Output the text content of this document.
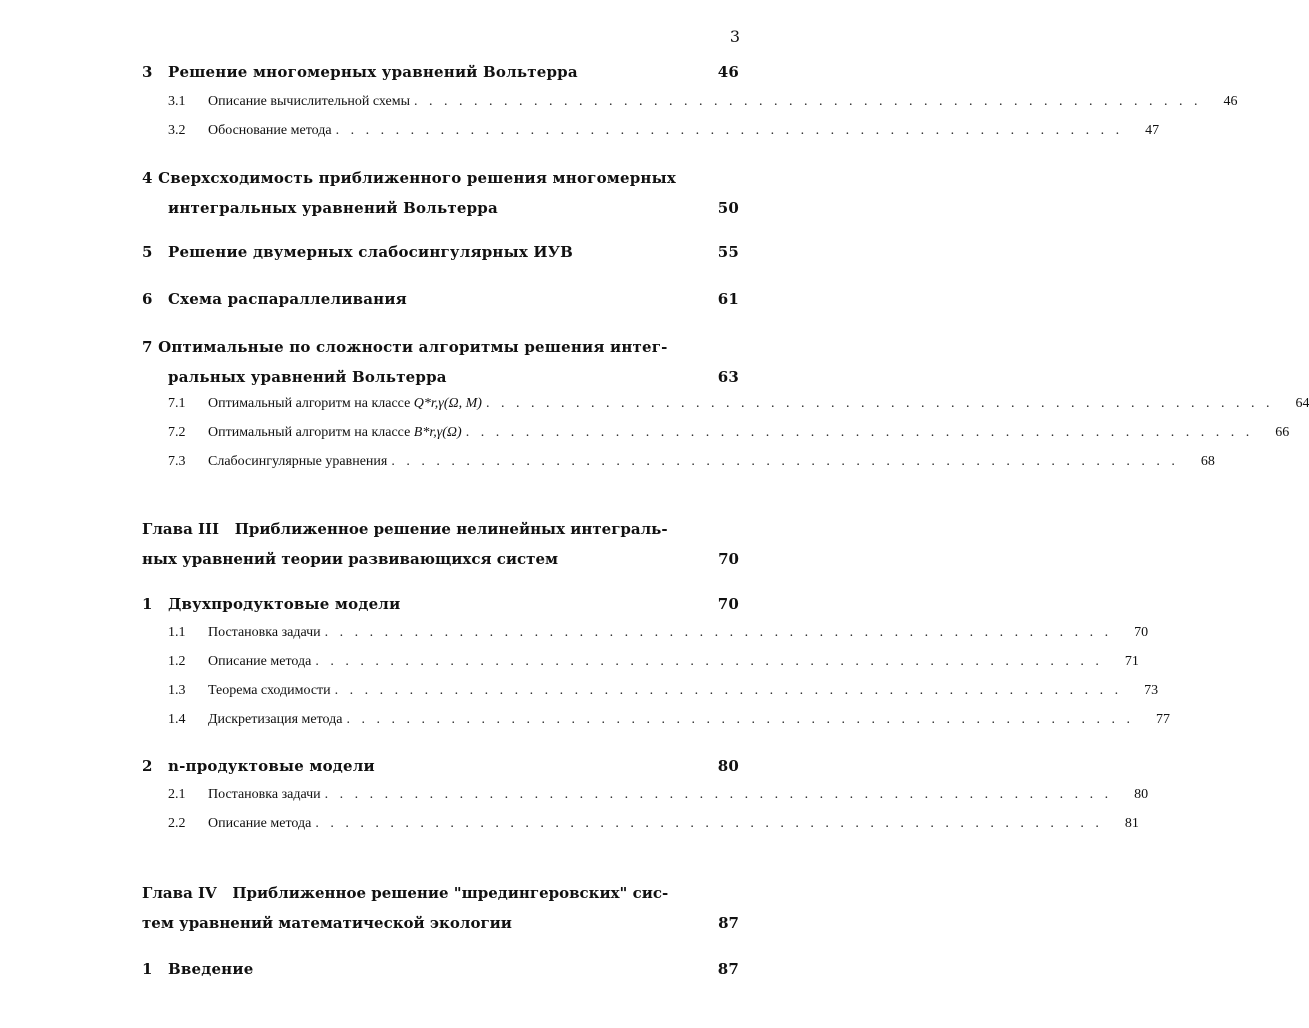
3
3	Решение многомерных уравнений Вольтерра	46
3.1	Описание вычислительной схемы . . . . . . . . . . . . . . . . . . . . . . . . . . . . . . . . . . . . . . . . . . . . . . . . . . . . .	46
3.2	Обоснование метода . . . . . . . . . . . . . . . . . . . . . . . . . . . . . . . . . . . . . . . . . . . . . . . . . . . . .	47
4 Сверхсходимость приближенного решения многомерных
интегральных уравнений Вольтерра	50
5	Решение двумерных слабосингулярных ИУВ	55
6	Схема распараллеливания	61
7 Оптимальные по сложности алгоритмы решения интег-
ральных уравнений Вольтерра	63
7.1	Оптимальный алгоритм на классе Q*r,γ(Ω, M) . . . . . . . . . . . . . . . . . . . . . . . . . . . . . . . . . . . . . . . . . . . . . . . . . . . . .	64
7.2	Оптимальный алгоритм на классе B*r,γ(Ω) . . . . . . . . . . . . . . . . . . . . . . . . . . . . . . . . . . . . . . . . . . . . . . . . . . . . .	66
7.3	Слабосингулярные уравнения . . . . . . . . . . . . . . . . . . . . . . . . . . . . . . . . . . . . . . . . . . . . . . . . . . . . .	68
Глава III   Приближенное решение нелинейных интеграль-
ных уравнений теории развивающихся систем	70
1	Двухпродуктовые модели	70
1.1	Постановка задачи . . . . . . . . . . . . . . . . . . . . . . . . . . . . . . . . . . . . . . . . . . . . . . . . . . . . .	70
1.2	Описание метода . . . . . . . . . . . . . . . . . . . . . . . . . . . . . . . . . . . . . . . . . . . . . . . . . . . . .	71
1.3	Теорема сходимости . . . . . . . . . . . . . . . . . . . . . . . . . . . . . . . . . . . . . . . . . . . . . . . . . . . . .	73
1.4	Дискретизация метода . . . . . . . . . . . . . . . . . . . . . . . . . . . . . . . . . . . . . . . . . . . . . . . . . . . . .	77
2	n-продуктовые модели	80
2.1	Постановка задачи . . . . . . . . . . . . . . . . . . . . . . . . . . . . . . . . . . . . . . . . . . . . . . . . . . . . .	80
2.2	Описание метода . . . . . . . . . . . . . . . . . . . . . . . . . . . . . . . . . . . . . . . . . . . . . . . . . . . . .	81
Глава IV   Приближенное решение "шредингеровских" сис-
тем уравнений математической экологии	87
1	Введение	87
